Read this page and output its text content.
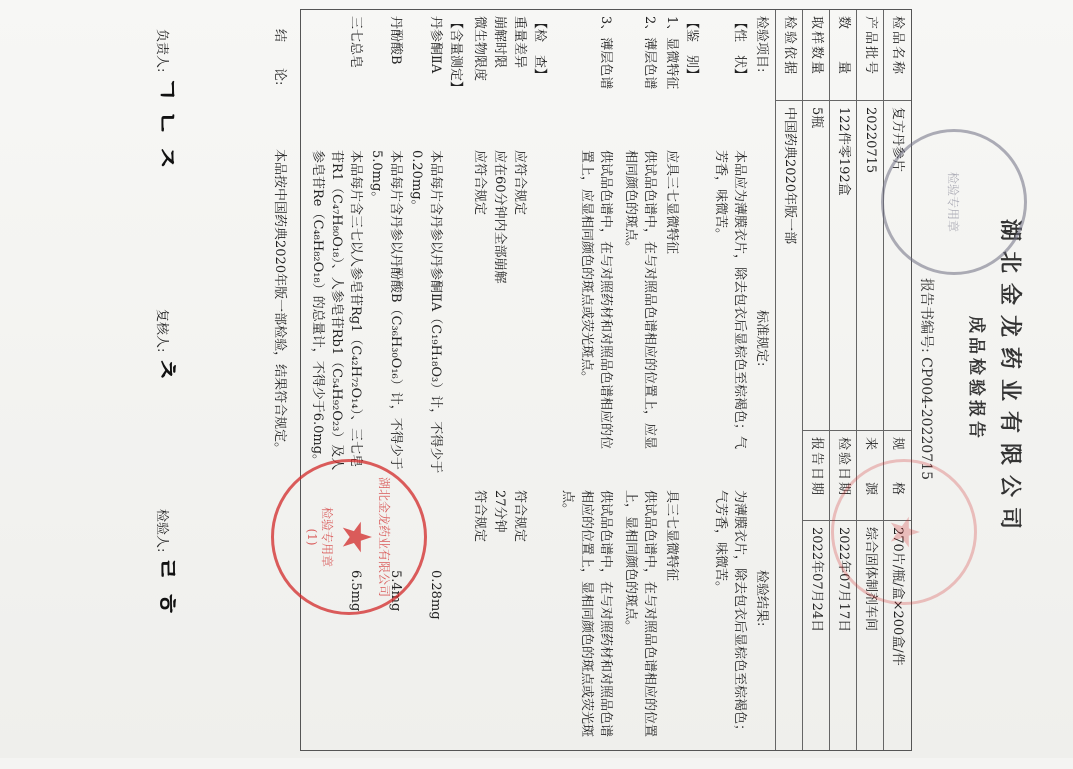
湖北金龙药业有限公司
成品检验报告
报告书编号: CP004-20220715
检品名称
复方丹参片
规　　格
270片/瓶/盒×200盒/件
产品批号
20220715
来　　源
综合固体制剂车间
数　　量
122件零192盒
检验日期
2022年07月17日
取样数量
5瓶
报告日期
2022年07月24日
检验依据
中国药典2020年版一部
检验项目:
标准规定:
检验结果:
【性　状】
本品应为薄膜衣片，除去包衣后显棕色至棕褐色；气芳香，味微苦。
为薄膜衣片，除去包衣后显棕色至棕褐色；气芳香，味微苦。
【鉴　别】
1、显微特征
应具三七显微特征
具三七显微特征
2、薄层色谱
供试品色谱中，在与对照品色谱相应的位置上，应显相同颜色的斑点。
供试品色谱中，在与对照品色谱相应的位置上，显相同颜色的斑点。
3、薄层色谱
供试品色谱中，在与对照药材和对照品色谱相应的位置上，应显相同颜色的斑点或荧光斑点。
供试品色谱中，在与对照药材和对照品色谱相应的位置上，显相同颜色的斑点或荧光斑点。
【检　查】
重量差异
应符合规定
符合规定
崩解时限
应在60分钟内全部崩解
27分钟
微生物限度
应符合规定
符合规定
【含量测定】
丹参酮ⅡA
本品每片含丹参以丹参酮ⅡA（C₁₉H₁₈O₃）计，不得少于0.20mg。
0.28mg
丹酚酸B
本品每片含丹参以丹酚酸B（C₃₆H₃₀O₁₆）计，不得少于5.0mg。
5.4mg
三七总皂
本品每片含三七以人参皂苷Rg1（C₄₂H₇₂O₁₄）、三七皂苷R1（C₄₇H₈₀O₁₈）、人参皂苷Rb1（C₅₄H₉₂O₂₃）及人参皂苷Re（C₄₈H₈₂O₁₈）的总量计，不得少于6.0mg。
6.5mg
结　　论:
本品按中国药典2020年版一部检验，结果符合规定。
负责人: ㄱ ㄴ ㅈ
复核人: ㅊ
检验人: ㄹ ㅎ
检验专用章
★
湖北金龙药业有限公司
★
检验专用章
(1)
